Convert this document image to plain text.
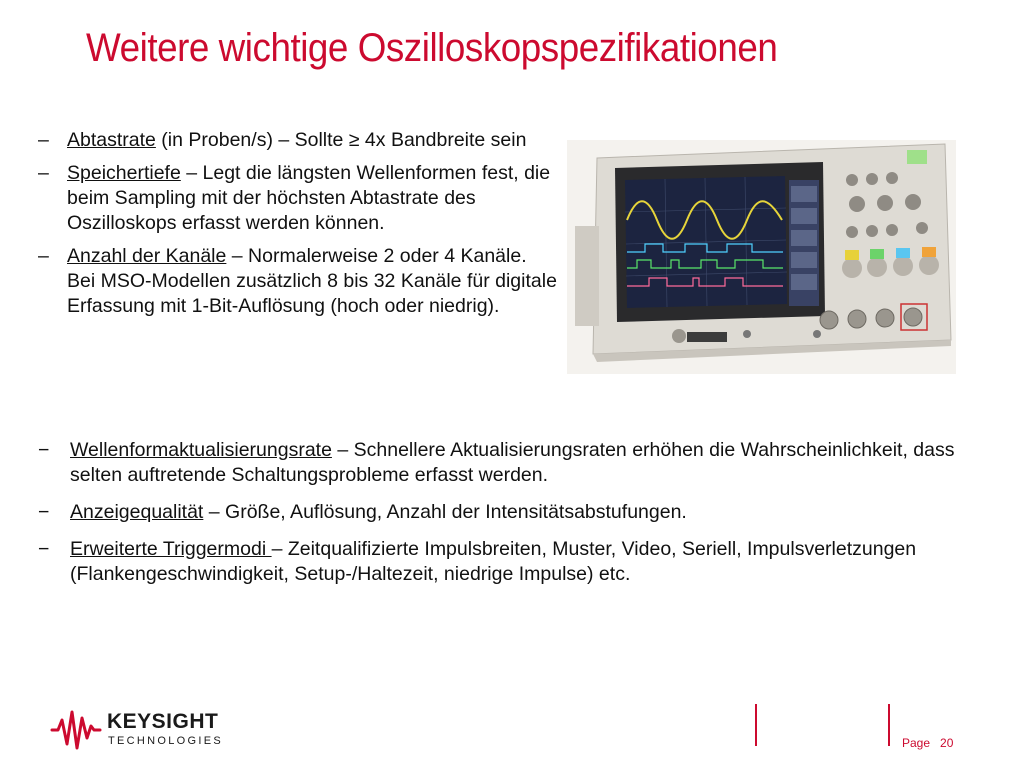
Weitere wichtige Oszilloskopspezifikationen
– Abtastrate (in Proben/s) – Sollte ≥ 4x Bandbreite sein
– Speichertiefe – Legt die längsten Wellenformen fest, die beim Sampling mit der höchsten Abtastrate des Oszilloskops erfasst werden können.
– Anzahl der Kanäle – Normalerweise 2 oder 4 Kanäle. Bei MSO-Modellen zusätzlich 8 bis 32 Kanäle für digitale Erfassung mit 1-Bit-Auflösung (hoch oder niedrig).
− Wellenformaktualisierungsrate – Schnellere Aktualisierungsraten erhöhen die Wahrscheinlichkeit, dass selten auftretende Schaltungsprobleme erfasst werden.
− Anzeigequalität – Größe, Auflösung, Anzahl der Intensitätsabstufungen.
− Erweiterte Triggermodi – Zeitqualifizierte Impulsbreiten, Muster, Video, Seriell, Impulsverletzungen (Flankengeschwindigkeit, Setup-/Haltezeit, niedrige Impulse) etc.
KEYSIGHT
TECHNOLOGIES	Page 20
